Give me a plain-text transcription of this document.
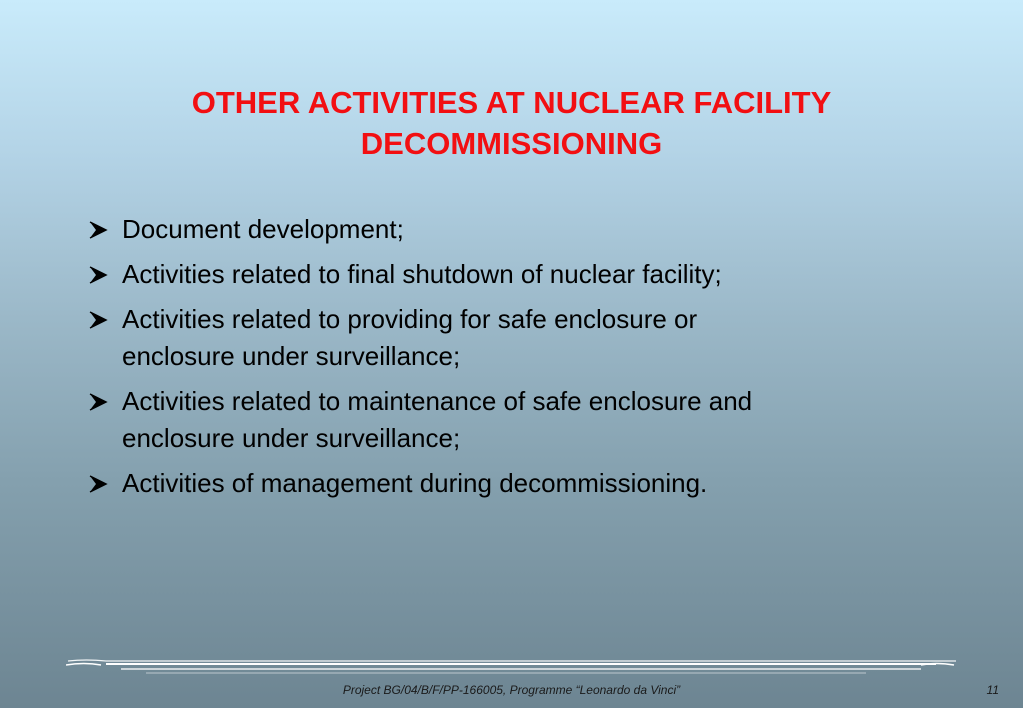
OTHER ACTIVITIES AT NUCLEAR FACILITY
DECOMMISSIONING
Document development;
Activities related to final shutdown of nuclear facility;
Activities related to providing for safe enclosure or
enclosure under surveillance;
Activities related to maintenance of safe enclosure and
enclosure under surveillance;
Activities of management during decommissioning.
Project BG/04/B/F/PP-166005, Programme “Leonardo da Vinci”	11
